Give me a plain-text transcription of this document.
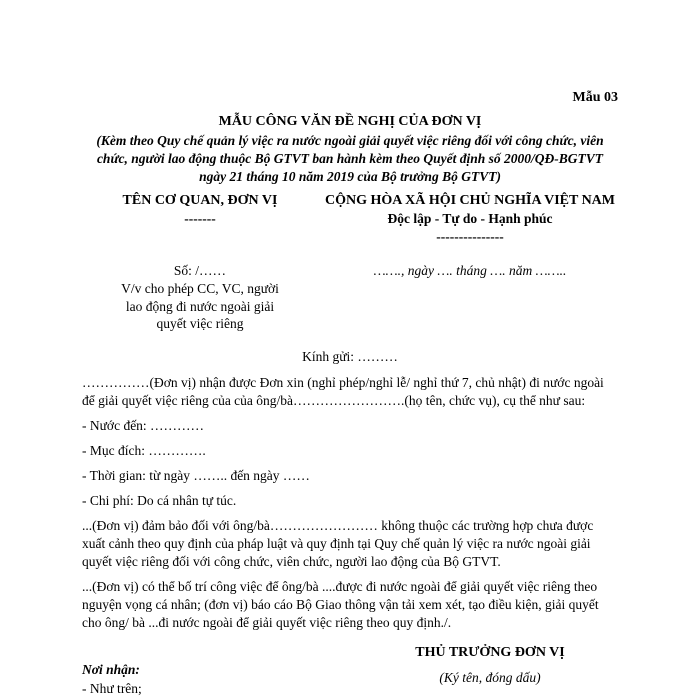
Mẫu 03
MẪU CÔNG VĂN ĐỀ NGHỊ CỦA ĐƠN VỊ
(Kèm theo Quy chế quản lý việc ra nước ngoài giải quyết việc riêng đối với công chức, viên
chức, người lao động thuộc Bộ GTVT ban hành kèm theo Quyết định số 2000/QĐ-BGTVT
ngày 21 tháng 10 năm 2019 của Bộ trưởng Bộ GTVT)
TÊN CƠ QUAN, ĐƠN VỊ
-------
Số: /……
V/v cho phép CC, VC, người
lao động đi nước ngoài giải
quyết việc riêng
CỘNG HÒA XÃ HỘI CHỦ NGHĨA VIỆT NAM
Độc lập - Tự do - Hạnh phúc
---------------
……., ngày …. tháng …. năm ……..
Kính gửi: ………
……………(Đơn vị) nhận được Đơn xin (nghỉ phép/nghỉ lễ/ nghỉ thứ 7, chủ nhật) đi nước ngoài
để giải quyết việc riêng của của ông/bà…………………….(họ tên, chức vụ), cụ thể như sau:
- Nước đến: …………
- Mục đích: ………….
- Thời gian: từ ngày …….. đến ngày ……
- Chi phí: Do cá nhân tự túc.
...(Đơn vị) đảm bảo đối với ông/bà…………………… không thuộc các trường hợp chưa được
xuất cảnh theo quy định của pháp luật và quy định tại Quy chế quản lý việc ra nước ngoài giải
quyết việc riêng đối với công chức, viên chức, người lao động của Bộ GTVT.
...(Đơn vị) có thể bố trí công việc để ông/bà ....được đi nước ngoài để giải quyết việc riêng theo
nguyện vọng cá nhân; (đơn vị) báo cáo Bộ Giao thông vận tải xem xét, tạo điều kiện, giải quyết
cho ông/ bà ...đi nước ngoài để giải quyết việc riêng theo quy định./.
Nơi nhận:
- Như trên;
THỦ TRƯỞNG ĐƠN VỊ
(Ký tên, đóng dấu)
